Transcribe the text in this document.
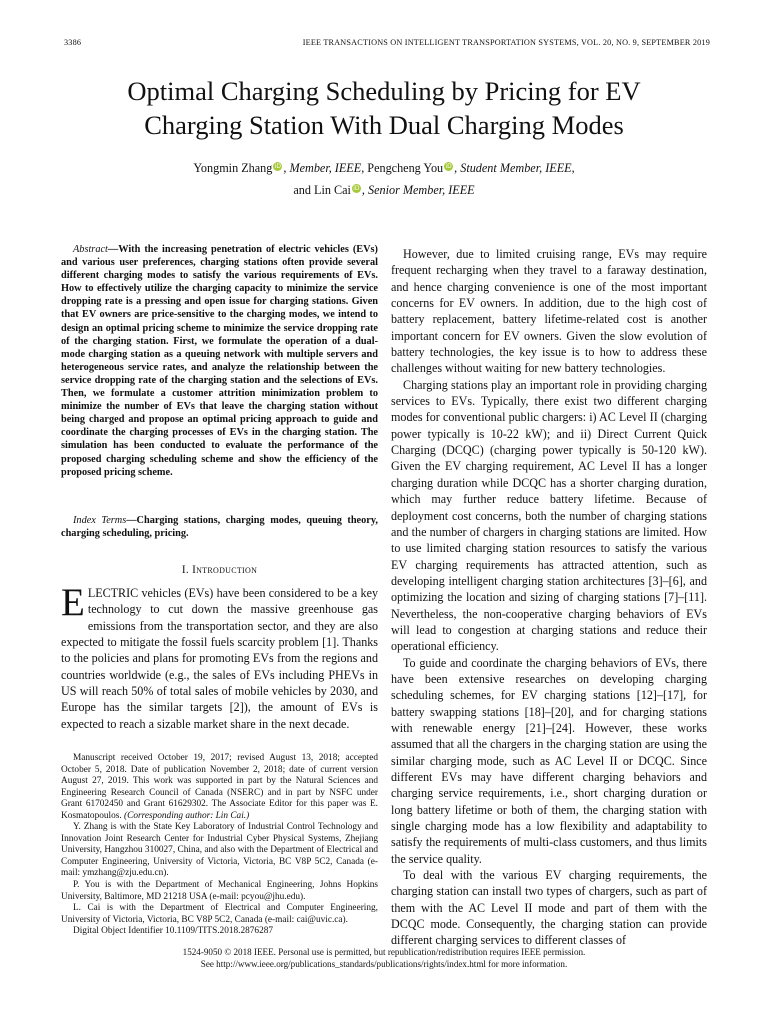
3386	IEEE TRANSACTIONS ON INTELLIGENT TRANSPORTATION SYSTEMS, VOL. 20, NO. 9, SEPTEMBER 2019
Optimal Charging Scheduling by Pricing for EV
Charging Station With Dual Charging Modes
Yongmin Zhang iD , Member, IEEE, Pengcheng You iD , Student Member, IEEE,
and Lin Cai iD , Senior Member, IEEE
Abstract—With the increasing penetration of electric vehicles (EVs) and various user preferences, charging stations often provide several different charging modes to satisfy the various requirements of EVs. How to effectively utilize the charging capacity to minimize the service dropping rate is a pressing and open issue for charging stations. Given that EV owners are price-sensitive to the charging modes, we intend to design an optimal pricing scheme to minimize the service dropping rate of the charging station. First, we formulate the operation of a dual-mode charging station as a queuing network with multiple servers and heterogeneous service rates, and analyze the relationship between the service dropping rate of the charging station and the selections of EVs. Then, we formulate a customer attrition minimization problem to minimize the number of EVs that leave the charging station without being charged and propose an optimal pricing approach to guide and coordinate the charging processes of EVs in the charging station. The simulation has been conducted to evaluate the performance of the proposed charging scheduling scheme and show the efficiency of the proposed pricing scheme.
Index Terms—Charging stations, charging modes, queuing theory, charging scheduling, pricing.
I. Introduction
ELECTRIC vehicles (EVs) have been considered to be a key technology to cut down the massive greenhouse gas emissions from the transportation sector, and they are also expected to mitigate the fossil fuels scarcity problem [1]. Thanks to the policies and plans for promoting EVs from the regions and countries worldwide (e.g., the sales of EVs including PHEVs in US will reach 50% of total sales of mobile vehicles by 2030, and Europe has the similar targets [2]), the amount of EVs is expected to reach a sizable market share in the next decade.

Manuscript received October 19, 2017; revised August 13, 2018; accepted October 5, 2018. Date of publication November 2, 2018; date of current version August 27, 2019. This work was supported in part by the Natural Sciences and Engineering Research Council of Canada (NSERC) and in part by NSFC under Grant 61702450 and Grant 61629302. The Associate Editor for this paper was E. Kosmatopoulos. (Corresponding author: Lin Cai.)

Y. Zhang is with the State Key Laboratory of Industrial Control Technology and Innovation Joint Research Center for Industrial Cyber Physical Systems, Zhejiang University, Hangzhou 310027, China, and also with the Department of Electrical and Computer Engineering, University of Victoria, Victoria, BC V8P 5C2, Canada (e-mail: ymzhang@zju.edu.cn).

P. You is with the Department of Mechanical Engineering, Johns Hopkins University, Baltimore, MD 21218 USA (e-mail: pcyou@jhu.edu).

L. Cai is with the Department of Electrical and Computer Engineering, University of Victoria, Victoria, BC V8P 5C2, Canada (e-mail: cai@uvic.ca).

Digital Object Identifier 10.1109/TITS.2018.2876287

However, due to limited cruising range, EVs may require frequent recharging when they travel to a faraway destination, and hence charging convenience is one of the most important concerns for EV owners. In addition, due to the high cost of battery replacement, battery lifetime-related cost is another important concern for EV owners. Given the slow evolution of battery technologies, the key issue is to how to address these challenges without waiting for new battery technologies.

Charging stations play an important role in providing charging services to EVs. Typically, there exist two different charging modes for conventional public chargers: i) AC Level II (charging power typically is 10-22 kW); and ii) Direct Current Quick Charging (DCQC) (charging power typically is 50-120 kW). Given the EV charging requirement, AC Level II has a longer charging duration while DCQC has a shorter charging duration, which may further reduce battery lifetime. Because of deployment cost concerns, both the number of charging stations and the number of chargers in charging stations are limited. How to use limited charging station resources to satisfy the various EV charging requirements has attracted attention, such as developing intelligent charging station architectures [3]–[6], and optimizing the location and sizing of charging stations [7]–[11]. Nevertheless, the non-cooperative charging behaviors of EVs will lead to congestion at charging stations and reduce their operational efficiency.

To guide and coordinate the charging behaviors of EVs, there have been extensive researches on developing charging scheduling schemes, for EV charging stations [12]–[17], for battery swapping stations [18]–[20], and for charging stations with renewable energy [21]–[24]. However, these works assumed that all the chargers in the charging station are using the similar charging mode, such as AC Level II or DCQC. Since different EVs may have different charging behaviors and charging service requirements, i.e., short charging duration or long battery lifetime or both of them, the charging station with single charging mode has a low flexibility and adaptability to satisfy the requirements of multi-class customers, and thus limits the service quality.

To deal with the various EV charging requirements, the charging station can install two types of chargers, such as part of them with the AC Level II mode and part of them with the DCQC mode. Consequently, the charging station can provide different charging services to different classes of

1524-9050 © 2018 IEEE. Personal use is permitted, but republication/redistribution requires IEEE permission.
See http://www.ieee.org/publications_standards/publications/rights/index.html for more information.
